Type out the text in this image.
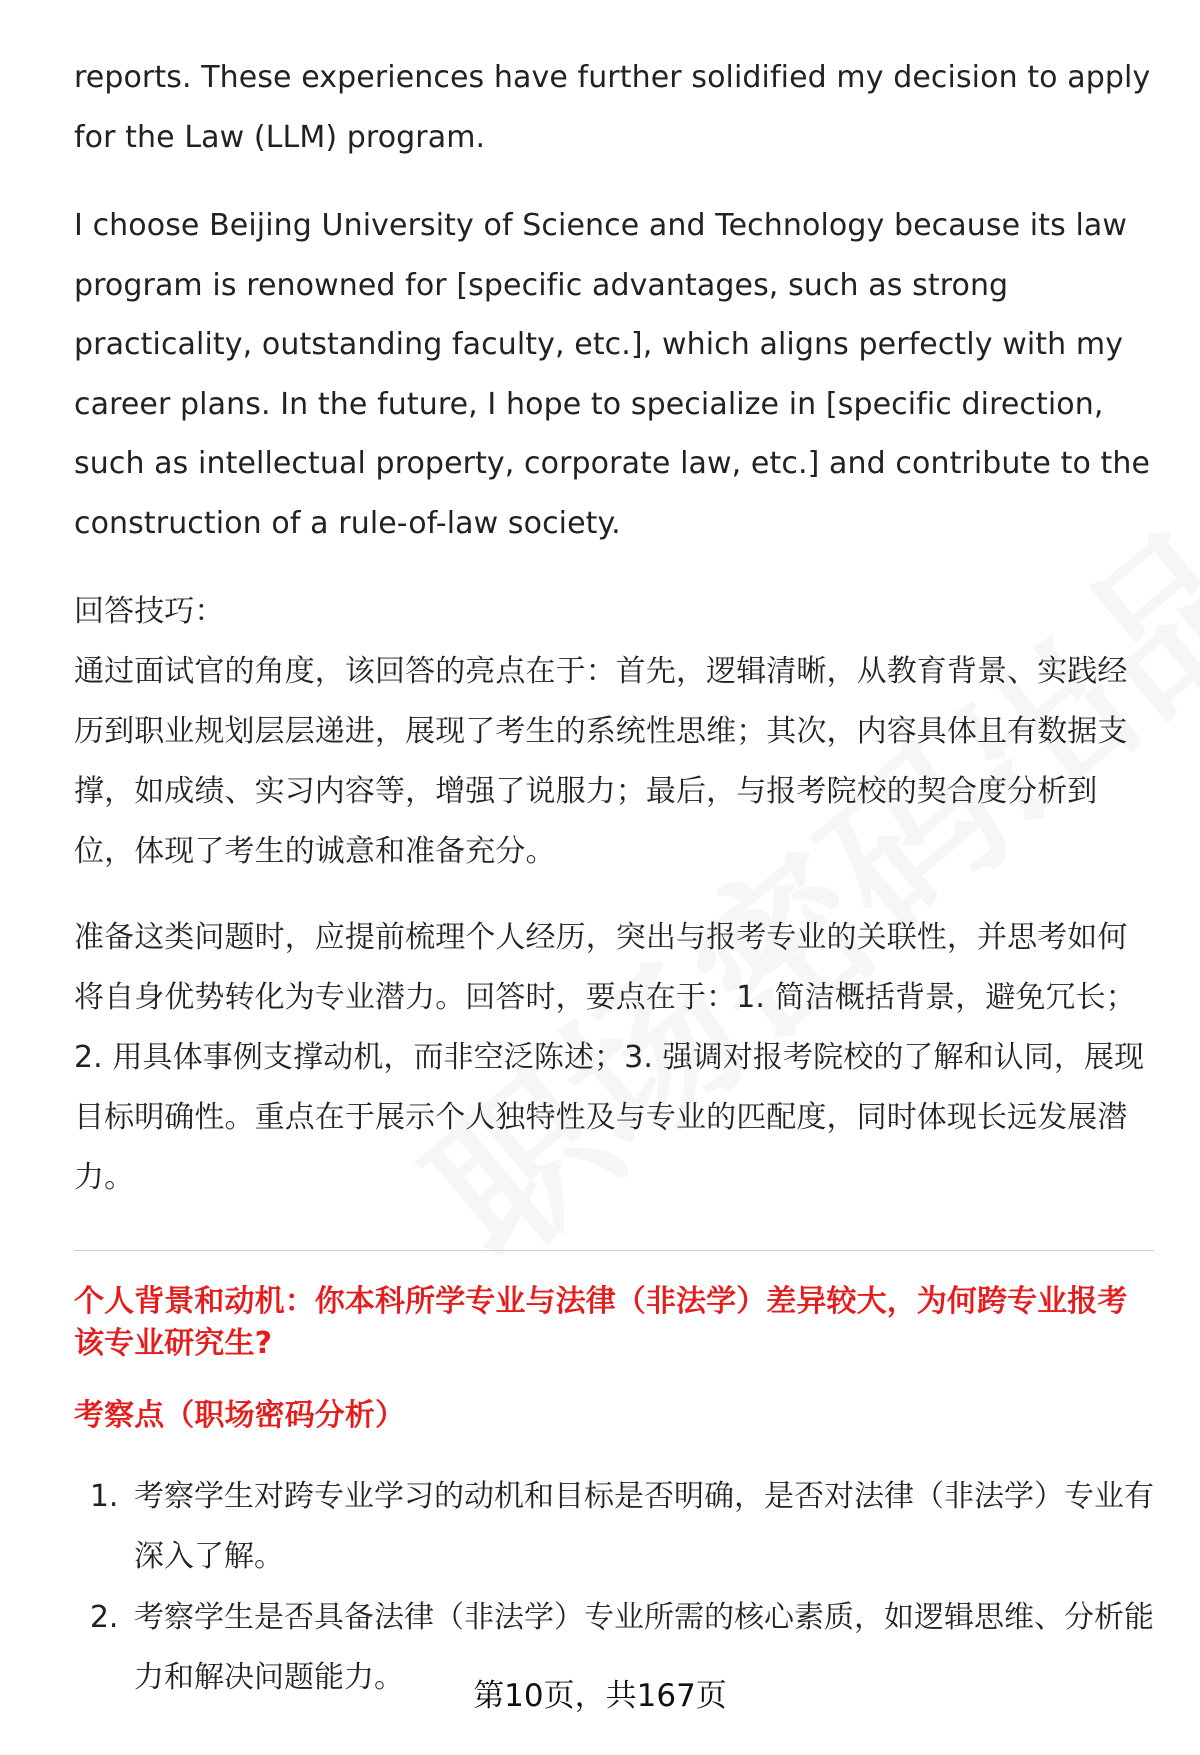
reports. These experiences have further solidified my decision to apply for the Law (LLM) program.

I choose Beijing University of Science and Technology because its law program is renowned for [specific advantages, such as strong practicality, outstanding faculty, etc.], which aligns perfectly with my career plans. In the future, I hope to specialize in [specific direction, such as intellectual property, corporate law, etc.] and contribute to the construction of a rule-of-law society.

回答技巧：

通过面试官的角度，该回答的亮点在于：首先，逻辑清晰，从教育背景、实践经历到职业规划层层递进，展现了考生的系统性思维；其次，内容具体且有数据支撑，如成绩、实习内容等，增强了说服力；最后，与报考院校的契合度分析到位，体现了考生的诚意和准备充分。

准备这类问题时，应提前梳理个人经历，突出与报考专业的关联性，并思考如何将自身优势转化为专业潜力。回答时，要点在于：1. 简洁概括背景，避免冗长；2. 用具体事例支撑动机，而非空泛陈述；3. 强调对报考院校的了解和认同，展现目标明确性。重点在于展示个人独特性及与专业的匹配度，同时体现长远发展潜力。

个人背景和动机：你本科所学专业与法律（非法学）差异较大，为何跨专业报考该专业研究生?

考察点（职场密码分析）

1. 考察学生对跨专业学习的动机和目标是否明确，是否对法律（非法学）专业有深入了解。
2. 考察学生是否具备法律（非法学）专业所需的核心素质，如逻辑思维、分析能力和解决问题能力。
第10页，共167页
